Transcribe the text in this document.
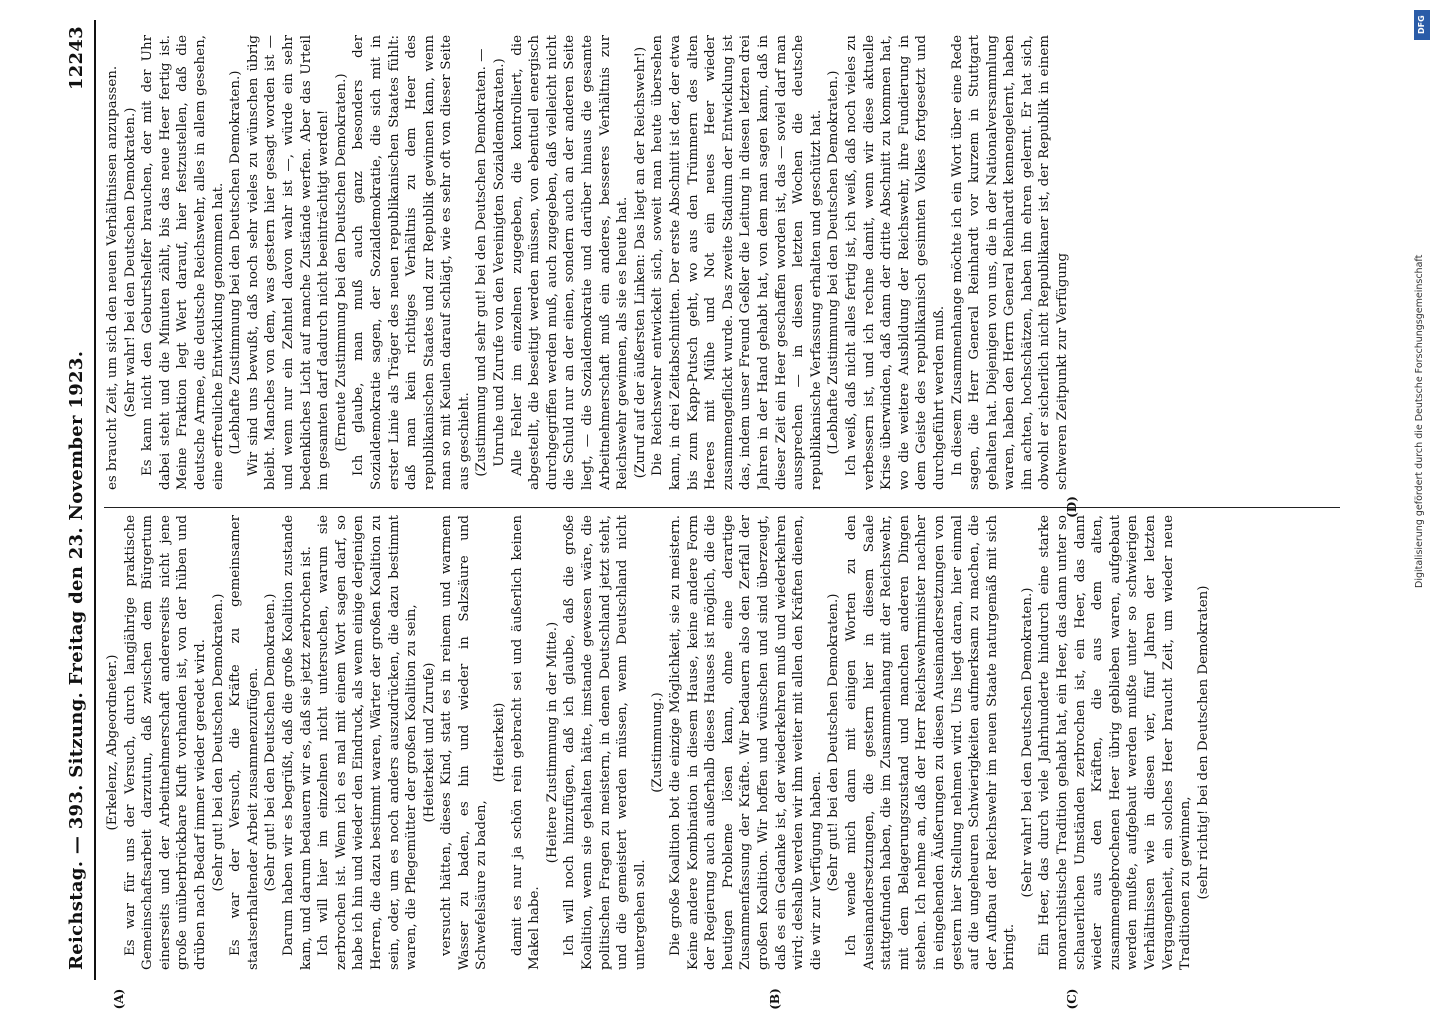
Reichstag. — 393. Sitzung. Freitag den 23. November 1923.
12243

(Erkelenz, Abgeordneter.) Es war für uns der Versuch, durch langjährige praktische Gemeinschaftsarbeit darzutun, daß zwischen dem Bürgertum einerseits und der Arbeitnehmerschaft andererseits nicht jene große unüberbrückbare Kluft vorhanden ist, von der hüben und drüben nach Bedarf immer wieder geredet wird. (Sehr gut! bei den Deutschen Demokraten.) Es war der Versuch, die Kräfte zu gemeinsamer staatserhaltender Arbeit zusammenzufügen. (Sehr gut! bei den Deutschen Demokraten.) Darum haben wir es begrüßt, daß die große Koalition zustande kam, und darum bedauern wir es, daß sie jetzt zerbrochen ist. Ich will hier im einzelnen nicht untersuchen, warum sie zerbrochen ist. Wenn ich es mal mit einem Wort sagen darf, so habe ich hin und wieder den Eindruck, als wenn einige derjenigen Herren, die dazu bestimmt waren, Wärter der großen Koalition zu sein, oder, um es noch anders auszudrücken, die dazu bestimmt waren, die Pflegemütter der großen Koalition zu sein, (Heiterkeit und Zurufe) versucht hätten, dieses Kind, statt es in reinem und warmem Wasser zu baden, es hin und wieder in Salzsäure und Schwefelsäure zu baden,

(Heiterkeit) damit es nur ja schön rein gebracht sei und äußerlich keinen Makel habe.

(Heitere Zustimmung in der Mitte.) Ich will noch hinzufügen, daß ich glaube, daß die große Koalition, wenn sie gehalten hätte, imstande gewesen wäre, die politischen Fragen zu meistern, in denen Deutschland jetzt steht, und die gemeistert werden müssen, wenn Deutschland nicht untergehen soll.

(Zustimmung.) Die große Koalition bot die einzige Möglichkeit, sie zu meistern. Keine andere Kombination in diesem Hause, keine andere Form der Regierung auch außerhalb dieses Hauses ist möglich, die die heutigen Probleme lösen kann, ohne eine derartige Zusammenfassung der Kräfte. Wir bedauern also den Zerfall der großen Koalition. Wir hoffen und wünschen und sind überzeugt, daß es ein Gedanke ist, der wiederkehren muß und wiederkehren wird; deshalb werden wir ihm weiter mit allen den Kräften dienen, die wir zur Verfügung haben. (Sehr gut! bei den Deutschen Demokraten.) Ich wende mich dann mit einigen Worten zu den Auseinandersetzungen, die gestern hier in diesem Saale stattgefunden haben, die im Zusammenhang mit der Reichswehr, mit dem Belagerungszustand und manchen anderen Dingen stehen. Ich nehme an, daß der Herr Reichswehrminister nachher in eingehenden Äußerungen zu diesen Auseinandersetzungen von gestern hier Stellung nehmen wird. Uns liegt daran, hier einmal auf die ungeheuren Schwierigkeiten aufmerksam zu machen, die der Aufbau der Reichswehr im neuen Staate naturgemäß mit sich bringt.

(Sehr wahr! bei den Deutschen Demokraten.) Ein Heer, das durch viele Jahrhunderte hindurch eine starke monarchistische Tradition gehabt hat, ein Heer, das dann unter so schauerlichen Umständen zerbrochen ist, ein Heer, das dann wieder aus den Kräften, die aus dem alten, zusammengebrochenen Heer übrig geblieben waren, aufgebaut werden mußte, aufgebaut werden mußte unter so schwierigen Verhältnissen wie in diesen vier, fünf Jahren der letzten Vergangenheit, ein solches Heer braucht Zeit, um wieder neue Traditionen zu gewinnen, (sehr richtig! bei den Deutschen Demokraten)

es braucht Zeit, um sich den neuen Verhältnissen anzupassen. (Sehr wahr! bei den Deutschen Demokraten.) Es kann nicht den Geburtshelfer brauchen, der mit der Uhr dabei steht und die Minuten zählt, bis das neue Heer fertig ist. Meine Fraktion legt Wert darauf, hier festzustellen, daß die deutsche Armee, die deutsche Reichswehr, alles in allem gesehen, eine erfreuliche Entwicklung genommen hat. (Lebhafte Zustimmung bei den Deutschen Demokraten.) Wir sind uns bewußt, daß noch sehr vieles zu wünschen übrig bleibt. Manches von dem, was gestern hier gesagt worden ist — und wenn nur ein Zehntel davon wahr ist —, würde ein sehr bedenkliches Licht auf manche Zustände werfen. Aber das Urteil im gesamten darf dadurch nicht beeinträchtigt werden! (Erneute Zustimmung bei den Deutschen Demokraten.) Ich glaube, man muß auch ganz besonders der Sozialdemokratie sagen, der Sozialdemokratie, die sich mit in erster Linie als Träger des neuen republikanischen Staates fühlt: daß man kein richtiges Verhältnis zu dem Heer des republikanischen Staates und zur Republik gewinnen kann, wenn man so mit Keulen darauf schlägt, wie es sehr oft von dieser Seite aus geschieht. (Zustimmung und sehr gut! bei den Deutschen Demokraten. — Unruhe und Zurufe von den Vereinigten Sozialdemokraten.) Alle Fehler im einzelnen zugegeben, die kontrolliert, die abgestellt, die beseitigt werden müssen, von ebentuell energisch durchgegriffen werden muß, auch zugegeben, daß vielleicht nicht die Schuld nur an der einen, sondern auch an der anderen Seite liegt, — die Sozialdemokratie und darüber hinaus die gesamte Arbeitnehmerschaft muß ein anderes, besseres Verhältnis zur Reichswehr gewinnen, als sie es heute hat. (Zuruf auf der äußersten Linken: Das liegt an der Reichswehr!) Die Reichswehr entwickelt sich, soweit man heute übersehen kann, in drei Zeitabschnitten. Der erste Abschnitt ist der, der etwa bis zum Kapp-Putsch geht, wo aus den Trümmern des alten Heeres mit Mühe und Not ein neues Heer wieder zusammengeflickt wurde. Das zweite Stadium der Entwicklung ist das, indem unser Freund Geßler die Leitung in diesen letzten drei Jahren in der Hand gehabt hat, von dem man sagen kann, daß in dieser Zeit ein Heer geschaffen worden ist, das — soviel darf man aussprechen — in diesen letzten Wochen die deutsche republikanische Verfassung erhalten und geschützt hat. (Lebhafte Zustimmung bei den Deutschen Demokraten.) Ich weiß, daß nicht alles fertig ist, ich weiß, daß noch vieles zu verbessern ist, und ich rechne damit, wenn wir diese aktuelle Krise überwinden, daß dann der dritte Abschnitt zu kommen hat, wo die weitere Ausbildung der Reichswehr, ihre Fundierung in dem Geiste des republikanisch gesinnten Volkes fortgesetzt und durchgeführt werden muß. In diesem Zusammenhange möchte ich ein Wort über eine Rede sagen, die Herr General Reinhardt vor kurzem in Stuttgart gehalten hat. Diejenigen von uns, die in der Nationalversammlung waren, haben den Herrn General Reinhardt kennengelernt, haben ihn achten, hochschätzen, haben ihn ehren gelernt. Er hat sich, obwohl er sicherlich nicht Republikaner ist, der Republik in einem schweren Zeitpunkt zur Verfügung

(A)	(B)	(C)
(D)
DFG
Digitalisierung gefördert durch die Deutsche Forschungsgemeinschaft
